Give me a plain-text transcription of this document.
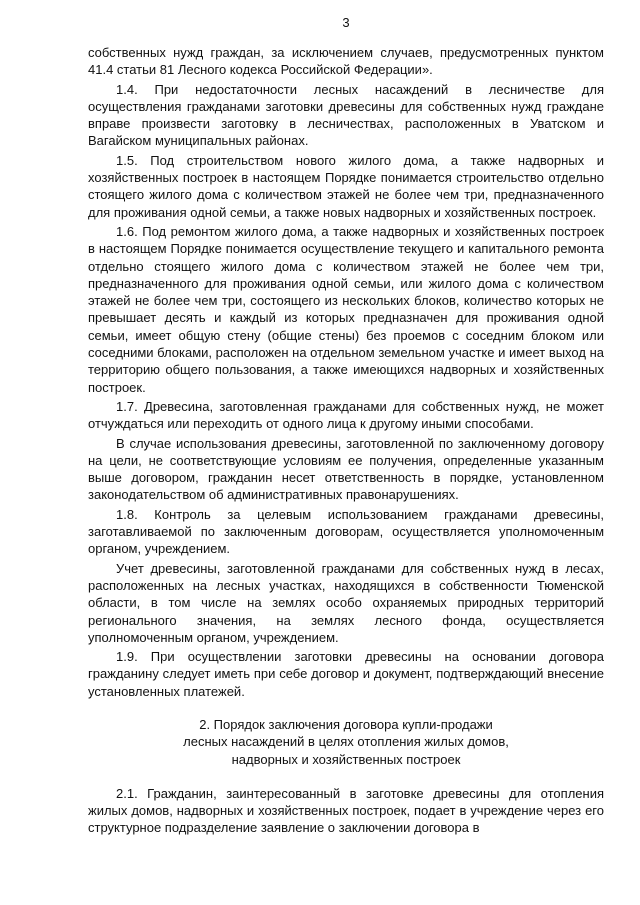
3

собственных нужд граждан, за исключением случаев, предусмотренных пунктом 41.4 статьи 81 Лесного кодекса Российской Федерации».

1.4. При недостаточности лесных насаждений в лесничестве для осуществления гражданами заготовки древесины для собственных нужд граждане вправе произвести заготовку в лесничествах, расположенных в Уватском и Вагайском муниципальных районах.

1.5. Под строительством нового жилого дома, а также надворных и хозяйственных построек в настоящем Порядке понимается строительство отдельно стоящего жилого дома с количеством этажей не более чем три, предназначенного для проживания одной семьи, а также новых надворных и хозяйственных построек.

1.6. Под ремонтом жилого дома, а также надворных и хозяйственных построек в настоящем Порядке понимается осуществление текущего и капитального ремонта отдельно стоящего жилого дома с количеством этажей не более чем три, предназначенного для проживания одной семьи, или жилого дома с количеством этажей не более чем три, состоящего из нескольких блоков, количество которых не превышает десять и каждый из которых предназначен для проживания одной семьи, имеет общую стену (общие стены) без проемов с соседним блоком или соседними блоками, расположен на отдельном земельном участке и имеет выход на территорию общего пользования, а также имеющихся надворных и хозяйственных построек.

1.7. Древесина, заготовленная гражданами для собственных нужд, не может отчуждаться или переходить от одного лица к другому иными способами.

В случае использования древесины, заготовленной по заключенному договору на цели, не соответствующие условиям ее получения, определенные указанным выше договором, гражданин несет ответственность в порядке, установленном законодательством об административных правонарушениях.

1.8. Контроль за целевым использованием гражданами древесины, заготавливаемой по заключенным договорам, осуществляется уполномоченным органом, учреждением.

Учет древесины, заготовленной гражданами для собственных нужд в лесах, расположенных на лесных участках, находящихся в собственности Тюменской области, в том числе на землях особо охраняемых природных территорий регионального значения, на землях лесного фонда, осуществляется уполномоченным органом, учреждением.

1.9. При осуществлении заготовки древесины на основании договора гражданину следует иметь при себе договор и документ, подтверждающий внесение установленных платежей.

2. Порядок заключения договора купли-продажи
лесных насаждений в целях отопления жилых домов,
надворных и хозяйственных построек

2.1. Гражданин, заинтересованный в заготовке древесины для отопления жилых домов, надворных и хозяйственных построек, подает в учреждение через его структурное подразделение заявление о заключении договора в
